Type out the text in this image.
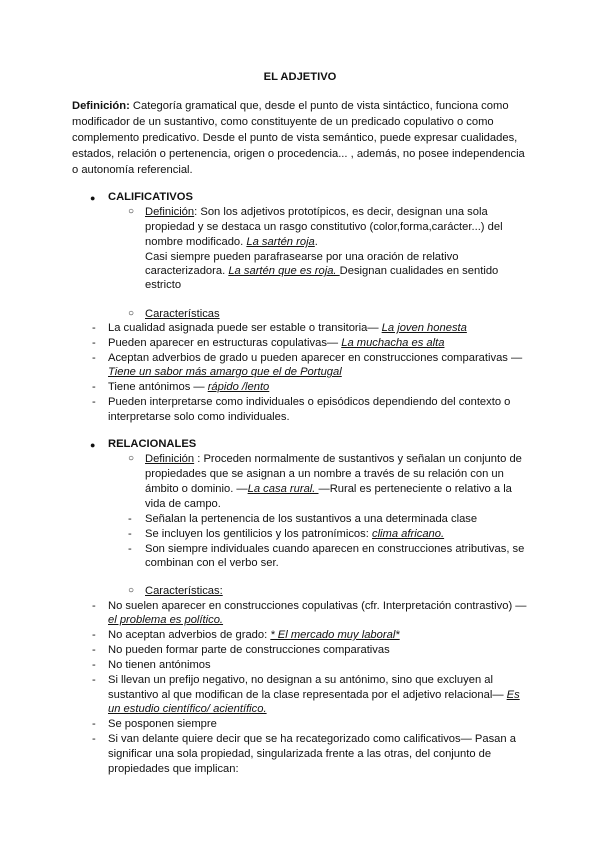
EL ADJETIVO
Definición: Categoría gramatical que, desde el punto de vista sintáctico, funciona como
modificador de un sustantivo, como constituyente de un predicado copulativo o como
complemento predicativo. Desde el punto de vista semántico, puede expresar cualidades,
estados, relación o pertenencia, origen o procedencia... , además, no posee independencia
o autonomía referencial.
● CALIFICATIVOS
○ Definición: Son los adjetivos prototípicos, es decir, designan una sola
propiedad y se destaca un rasgo constitutivo (color,forma,carácter...) del
nombre modificado. La sartén roja.
Casi siempre pueden parafrasearse por una oración de relativo
caracterizadora. La sartén que es roja. Designan cualidades en sentido
estricto
○ Características
- La cualidad asignada puede ser estable o transitoria— La joven honesta
- Pueden aparecer en estructuras copulativas— La muchacha es alta
- Aceptan adverbios de grado u pueden aparecer en construcciones comparativas —
Tiene un sabor más amargo que el de Portugal
- Tiene antónimos — rápido /lento
- Pueden interpretarse como individuales o episódicos dependiendo del contexto o
interpretarse solo como individuales.
● RELACIONALES
○ Definición : Proceden normalmente de sustantivos y señalan un conjunto de
propiedades que se asignan a un nombre a través de su relación con un
ámbito o dominio. —La casa rural. —Rural es perteneciente o relativo a la
vida de campo.
- Señalan la pertenencia de los sustantivos a una determinada clase
- Se incluyen los gentilicios y los patronímicos: clima africano.
- Son siempre individuales cuando aparecen en construcciones atributivas, se
combinan con el verbo ser.
○ Características:
- No suelen aparecer en construcciones copulativas (cfr. Interpretación contrastivo) —
el problema es político.
- No aceptan adverbios de grado: * El mercado muy laboral*
- No pueden formar parte de construcciones comparativas
- No tienen antónimos
- Si llevan un prefijo negativo, no designan a su antónimo, sino que excluyen al
sustantivo al que modifican de la clase representada por el adjetivo relacional— Es
un estudio científico/ acientífico.
- Se posponen siempre
- Si van delante quiere decir que se ha recategorizado como calificativos— Pasan a
significar una sola propiedad, singularizada frente a las otras, del conjunto de
propiedades que implican:
